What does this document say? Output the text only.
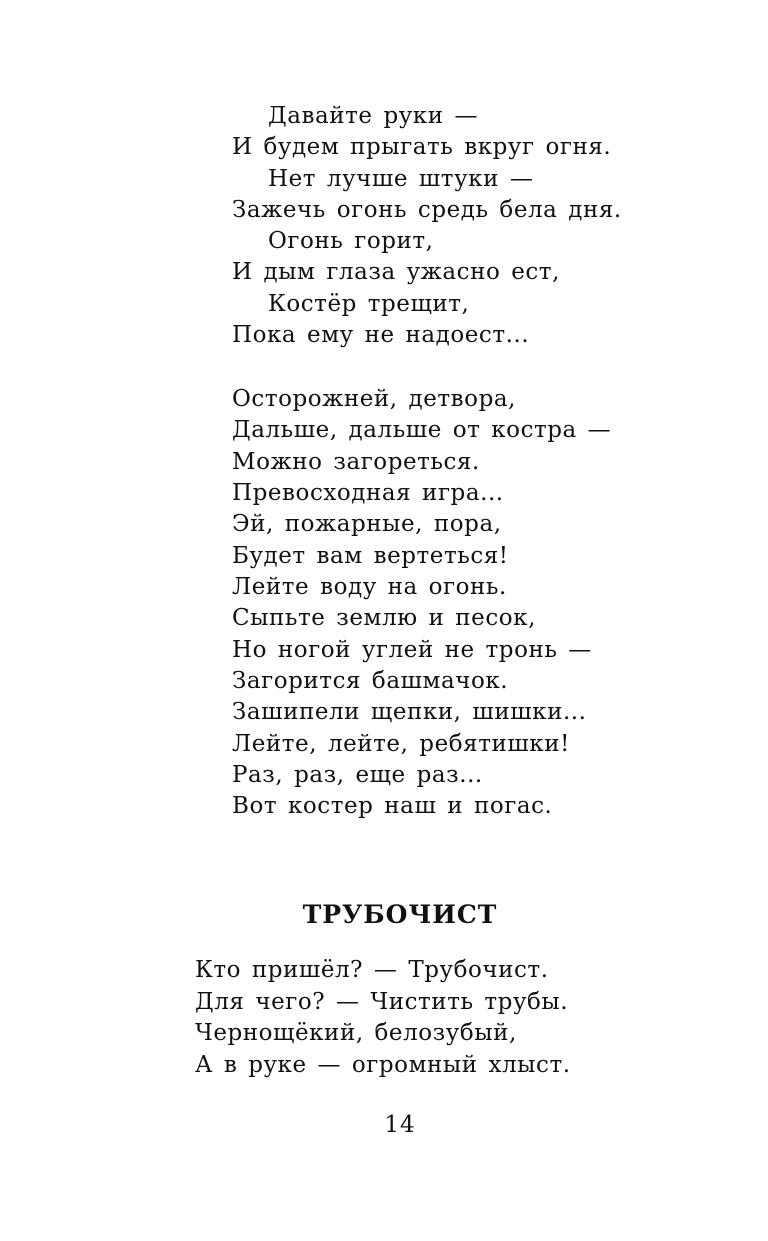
Давайте руки —
И будем прыгать вкруг огня.
Нет лучше штуки —
Зажечь огонь средь бела дня.
Огонь горит,
И дым глаза ужасно ест,
Костёр трещит,
Пока ему не надоест...
Осторожней, детвора,
Дальше, дальше от костра —
Можно загореться.
Превосходная игра...
Эй, пожарные, пора,
Будет вам вертеться!
Лейте воду на огонь.
Сыпьте землю и песок,
Но ногой углей не тронь —
Загорится башмачок.
Зашипели щепки, шишки...
Лейте, лейте, ребятишки!
Раз, раз, еще раз...
Вот костер наш и погас.
ТРУБОЧИСТ
Кто пришёл? — Трубочист.
Для чего? — Чистить трубы.
Чернощёкий, белозубый,
А в руке — огромный хлыст.
14
